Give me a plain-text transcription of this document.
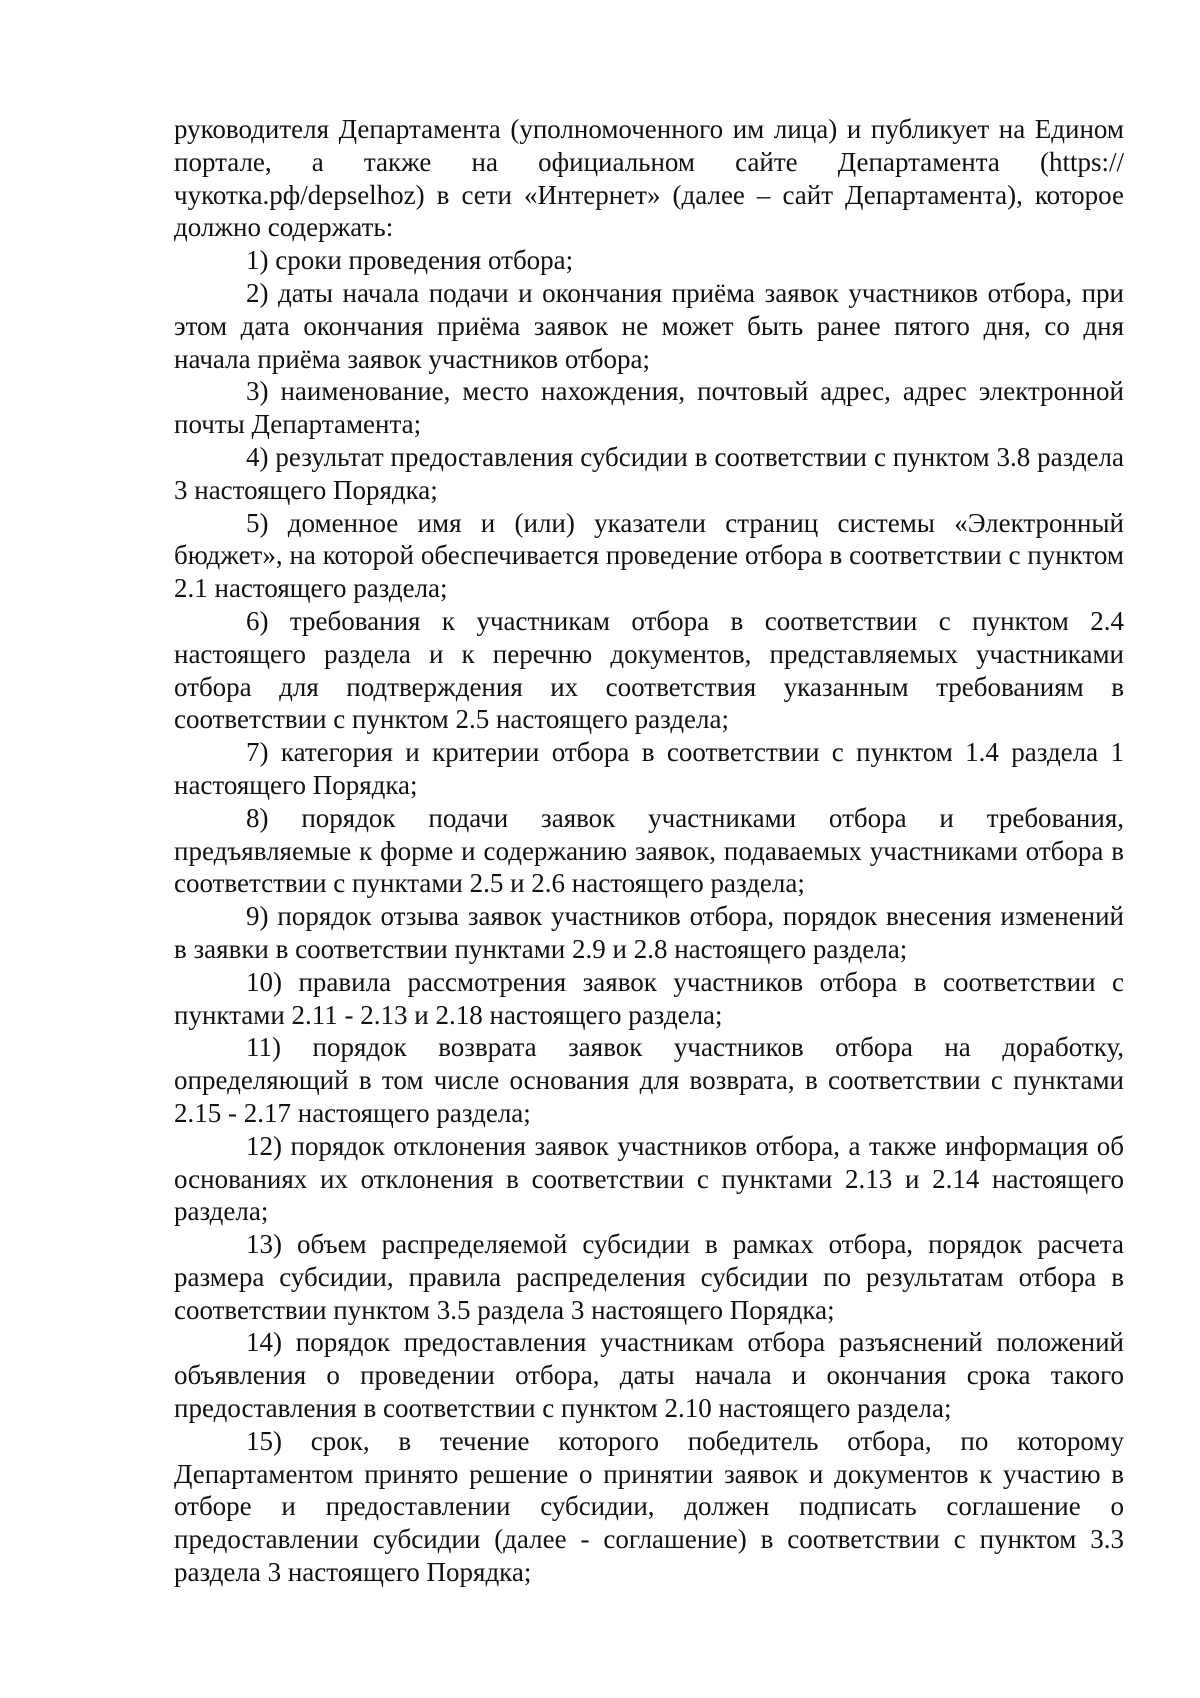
руководителя Департамента (уполномоченного им лица) и публикует на Едином портале, а также на официальном сайте Департамента (https://чукотка.рф/depselhoz) в сети «Интернет» (далее – сайт Департамента), которое должно содержать:

1) сроки проведения отбора;

2) даты начала подачи и окончания приёма заявок участников отбора, при этом дата окончания приёма заявок не может быть ранее пятого дня, со дня начала приёма заявок участников отбора;

3) наименование, место нахождения, почтовый адрес, адрес электронной почты Департамента;

4) результат предоставления субсидии в соответствии с пунктом 3.8 раздела 3 настоящего Порядка;

5) доменное имя и (или) указатели страниц системы «Электронный бюджет», на которой обеспечивается проведение отбора в соответствии с пунктом 2.1 настоящего раздела;

6) требования к участникам отбора в соответствии с пунктом 2.4 настоящего раздела и к перечню документов, представляемых участниками отбора для подтверждения их соответствия указанным требованиям в соответствии с пунктом 2.5 настоящего раздела;

7) категория и критерии отбора в соответствии с пунктом 1.4 раздела 1 настоящего Порядка;

8) порядок подачи заявок участниками отбора и требования, предъявляемые к форме и содержанию заявок, подаваемых участниками отбора в соответствии с пунктами 2.5 и 2.6 настоящего раздела;

9) порядок отзыва заявок участников отбора, порядок внесения изменений в заявки в соответствии пунктами 2.9 и 2.8 настоящего раздела;

10) правила рассмотрения заявок участников отбора в соответствии с пунктами 2.11 - 2.13 и 2.18 настоящего раздела;

11) порядок возврата заявок участников отбора на доработку, определяющий в том числе основания для возврата, в соответствии с пунктами 2.15 - 2.17 настоящего раздела;

12) порядок отклонения заявок участников отбора, а также информация об основаниях их отклонения в соответствии с пунктами 2.13 и 2.14 настоящего раздела;

13) объем распределяемой субсидии в рамках отбора, порядок расчета размера субсидии, правила распределения субсидии по результатам отбора в соответствии пунктом 3.5 раздела 3 настоящего Порядка;

14) порядок предоставления участникам отбора разъяснений положений объявления о проведении отбора, даты начала и окончания срока такого предоставления в соответствии с пунктом 2.10 настоящего раздела;

15) срок, в течение которого победитель отбора, по которому Департаментом принято решение о принятии заявок и документов к участию в отборе и предоставлении субсидии, должен подписать соглашение о предоставлении субсидии (далее - соглашение) в соответствии с пунктом 3.3 раздела 3 настоящего Порядка;
